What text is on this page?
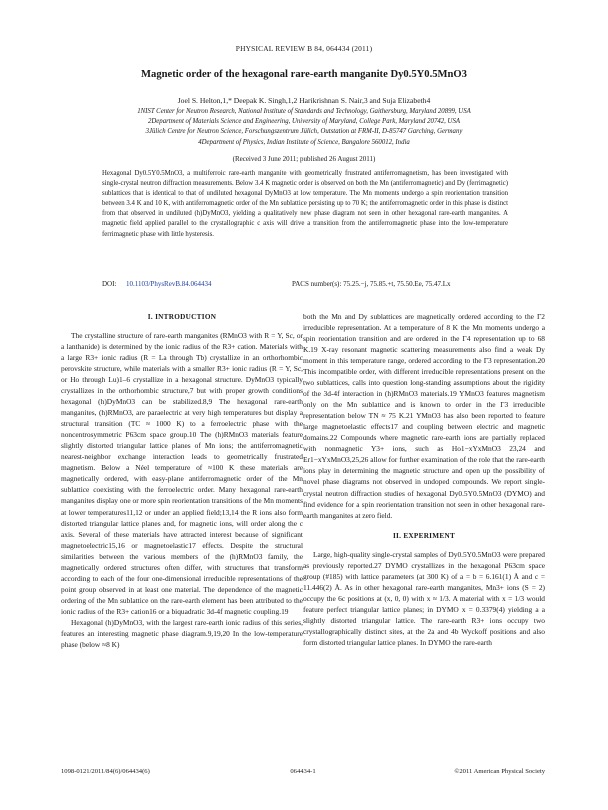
PHYSICAL REVIEW B 84, 064434 (2011)
Magnetic order of the hexagonal rare-earth manganite Dy0.5Y0.5MnO3
Joel S. Helton,1,* Deepak K. Singh,1,2 Harikrishnan S. Nair,3 and Suja Elizabeth4
1NIST Center for Neutron Research, National Institute of Standards and Technology, Gaithersburg, Maryland 20899, USA
2Department of Materials Science and Engineering, University of Maryland, College Park, Maryland 20742, USA
3Jülich Centre for Neutron Science, Forschungszentrum Jülich, Outstation at FRM-II, D-85747 Garching, Germany
4Department of Physics, Indian Institute of Science, Bangalore 560012, India
(Received 3 June 2011; published 26 August 2011)
Hexagonal Dy0.5Y0.5MnO3, a multiferroic rare-earth manganite with geometrically frustrated antiferromagnetism, has been investigated with single-crystal neutron diffraction measurements. Below 3.4 K magnetic order is observed on both the Mn (antiferromagnetic) and Dy (ferrimagnetic) sublattices that is identical to that of undiluted hexagonal DyMnO3 at low temperature. The Mn moments undergo a spin reorientation transition between 3.4 K and 10 K, with antiferromagnetic order of the Mn sublattice persisting up to 70 K; the antiferromagnetic order in this phase is distinct from that observed in undiluted (h)DyMnO3, yielding a qualitatively new phase diagram not seen in other hexagonal rare-earth manganites. A magnetic field applied parallel to the crystallographic c axis will drive a transition from the antiferromagnetic phase into the low-temperature ferrimagnetic phase with little hysteresis.
DOI: 10.1103/PhysRevB.84.064434	PACS number(s): 75.25.−j, 75.85.+t, 75.50.Ee, 75.47.Lx
I. INTRODUCTION

The crystalline structure of rare-earth manganites (RMnO3 with R = Y, Sc, or a lanthanide) is determined by the ionic radius of the R3+ cation. Materials with a large R3+ ionic radius (R = La through Tb) crystallize in an orthorhombic perovskite structure, while materials with a smaller R3+ ionic radius (R = Y, Sc, or Ho through Lu)1–6 crystallize in a hexagonal structure. DyMnO3 typically crystallizes in the orthorhombic structure,7 but with proper growth conditions hexagonal (h)DyMnO3 can be stabilized.8,9 The hexagonal rare-earth manganites, (h)RMnO3, are paraelectric at very high temperatures but display a structural transition (TC ≈ 1000 K) to a ferroelectric phase with the noncentrosymmetric P63cm space group.10 The (h)RMnO3 materials feature slightly distorted triangular lattice planes of Mn ions; the antiferromagnetic nearest-neighbor exchange interaction leads to geometrically frustrated magnetism. Below a Néel temperature of ≈100 K these materials are magnetically ordered, with easy-plane antiferromagnetic order of the Mn sublattice coexisting with the ferroelectric order. Many hexagonal rare-earth manganites display one or more spin reorientation transitions of the Mn moments at lower temperatures11,12 or under an applied field;13,14 the R ions also form distorted triangular lattice planes and, for magnetic ions, will order along the c axis. Several of these materials have attracted interest because of significant magnetoelectric15,16 or magnetoelastic17 effects. Despite the structural similarities between the various members of the (h)RMnO3 family, the magnetically ordered structures often differ, with structures that transform according to each of the four one-dimensional irreducible representations of the point group observed in at least one material. The dependence of the magnetic ordering of the Mn sublattice on the rare-earth element has been attributed to the ionic radius of the R3+ cation16 or a biquadratic 3d-4f magnetic coupling.19

Hexagonal (h)DyMnO3, with the largest rare-earth ionic radius of this series, features an interesting magnetic phase diagram.9,19,20 In the low-temperature phase (below ≈8 K)

both the Mn and Dy sublattices are magnetically ordered according to the Γ2 irreducible representation. At a temperature of 8 K the Mn moments undergo a spin reorientation transition and are ordered in the Γ4 representation up to 68 K.19 X-ray resonant magnetic scattering measurements also find a weak Dy moment in this temperature range, ordered according to the Γ3 representation.20 This incompatible order, with different irreducible representations present on the two sublattices, calls into question long-standing assumptions about the rigidity of the 3d-4f interaction in (h)RMnO3 materials.19 YMnO3 features magnetism only on the Mn sublattice and is known to order in the Γ3 irreducible representation below TN ≈ 75 K.21 YMnO3 has also been reported to feature large magnetoelastic effects17 and coupling between electric and magnetic domains.22 Compounds where magnetic rare-earth ions are partially replaced with nonmagnetic Y3+ ions, such as Ho1−xYxMnO3 23,24 and Er1−xYxMnO3,25,26 allow for further examination of the role that the rare-earth ions play in determining the magnetic structure and open up the possibility of novel phase diagrams not observed in undoped compounds. We report single-crystal neutron diffraction studies of hexagonal Dy0.5Y0.5MnO3 (DYMO) and find evidence for a spin reorientation transition not seen in other hexagonal rare-earth manganites at zero field.

II. EXPERIMENT

Large, high-quality single-crystal samples of Dy0.5Y0.5MnO3 were prepared as previously reported.27 DYMO crystallizes in the hexagonal P63cm space group (#185) with lattice parameters (at 300 K) of a = b = 6.161(1) Å and c = 11.446(2) Å. As in other hexagonal rare-earth manganites, Mn3+ ions (S = 2) occupy the 6c positions at (x, 0, 0) with x ≈ 1/3. A material with x = 1/3 would feature perfect triangular lattice planes; in DYMO x = 0.3379(4) yielding a a slightly distorted triangular lattice. The rare-earth R3+ ions occupy two crystallographically distinct sites, at the 2a and 4b Wyckoff positions and also form distorted triangular lattice planes. In DYMO the rare-earth

1098-0121/2011/84(6)/064434(6)	064434-1	©2011 American Physical Society
